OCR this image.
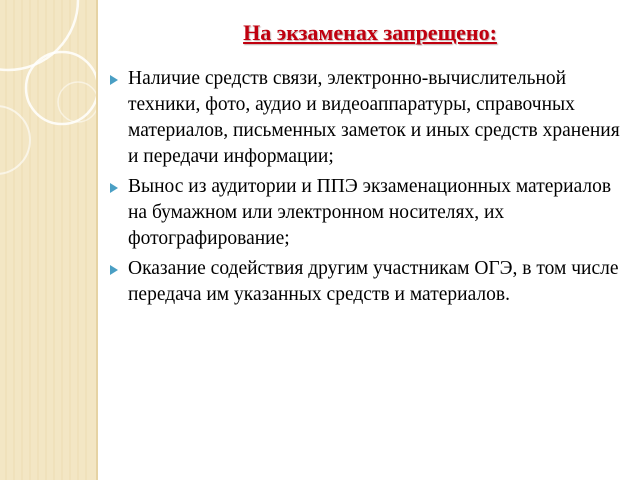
На экзаменах запрещено:
Наличие средств связи, электронно-вычислительной техники, фото, аудио и видеоаппаратуры, справочных материалов, письменных заметок и иных средств хранения и передачи информации;
Вынос из аудитории и ППЭ экзаменационных материалов на бумажном или электронном носителях, их фотографирование;
Оказание содействия другим участникам ОГЭ, в том числе передача им указанных средств и материалов.
